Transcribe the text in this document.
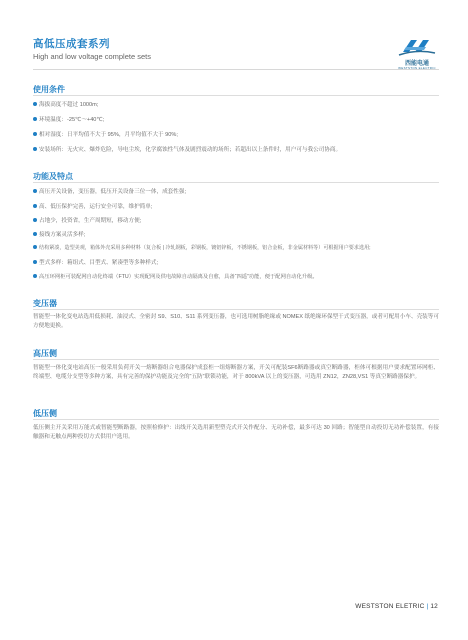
高低压成套系列
High and low voltage complete sets
西能电通
WESTSTON ELECTRIC
使用条件
海拔高度不超过 1000m;
环境温度：-25℃～+40℃;
相对湿度：日平均值不大于 95%，月平均值不大于 90%;
安装场所：无火灾、爆炸危险，导电尘埃，化学腐蚀性气体及剧烈震动的场所；若超出以上条件时，用户可与我公司协商。
功能及特点
高压开关设备，变压器，低压开关设备三位一体，成套性强;
高、低压保护完善，运行安全可靠，维护简单;
占地少，投资省，生产周期短，移动方便;
接线方案灵活多样;
结构紧凑，造型美观，箱体外壳采用多种材料（复合板 | 冷轧钢板，彩钢板，镀铝锌板，不锈钢板，铝合金板，非金属材料等）可根据用户要求选用;
型式多样：箱组式、目型式、紧凑型等多种样式;
高压环网柜可装配网自动化终端（FTU）实现配网及供电故障自动隔离及自愈，具备“四遥”功能，便于配网自动化升级。
变压器
智能型一体化变电站选用低损耗、油浸式、全密封 S9、S10、S11 系列变压器，也可选用树脂绝缘或 NOMEX 纸绝缘环保型干式变压器，或者可配用小车、壳装等可方便地更换。
高压侧
智能型一体化变电站高压一般采用负荷开关一熔断器组合电器保护成套柜一组熔断器方案，开关可配装SF6断路器或真空断路器，柜体可根据用户要求配置环网柜、终端型、电缆分支型等多种方案，具有完善的保护功能及完全的“五防”联锁功能，对于 800kVA 以上的变压器，可选用 ZN12，ZN28,VS1 等真空断路器保护。
低压侧
低压侧主开关采用万能式或智能型断路器，按照检修护：出线开关选用新型塑壳式开关作配分、无功补偿，最多可达 30 回路；智能型自动投切无功补偿装置，有接触器和无触点两种投切方式供用户选用。
WESTSTON ELETRIC | 12
